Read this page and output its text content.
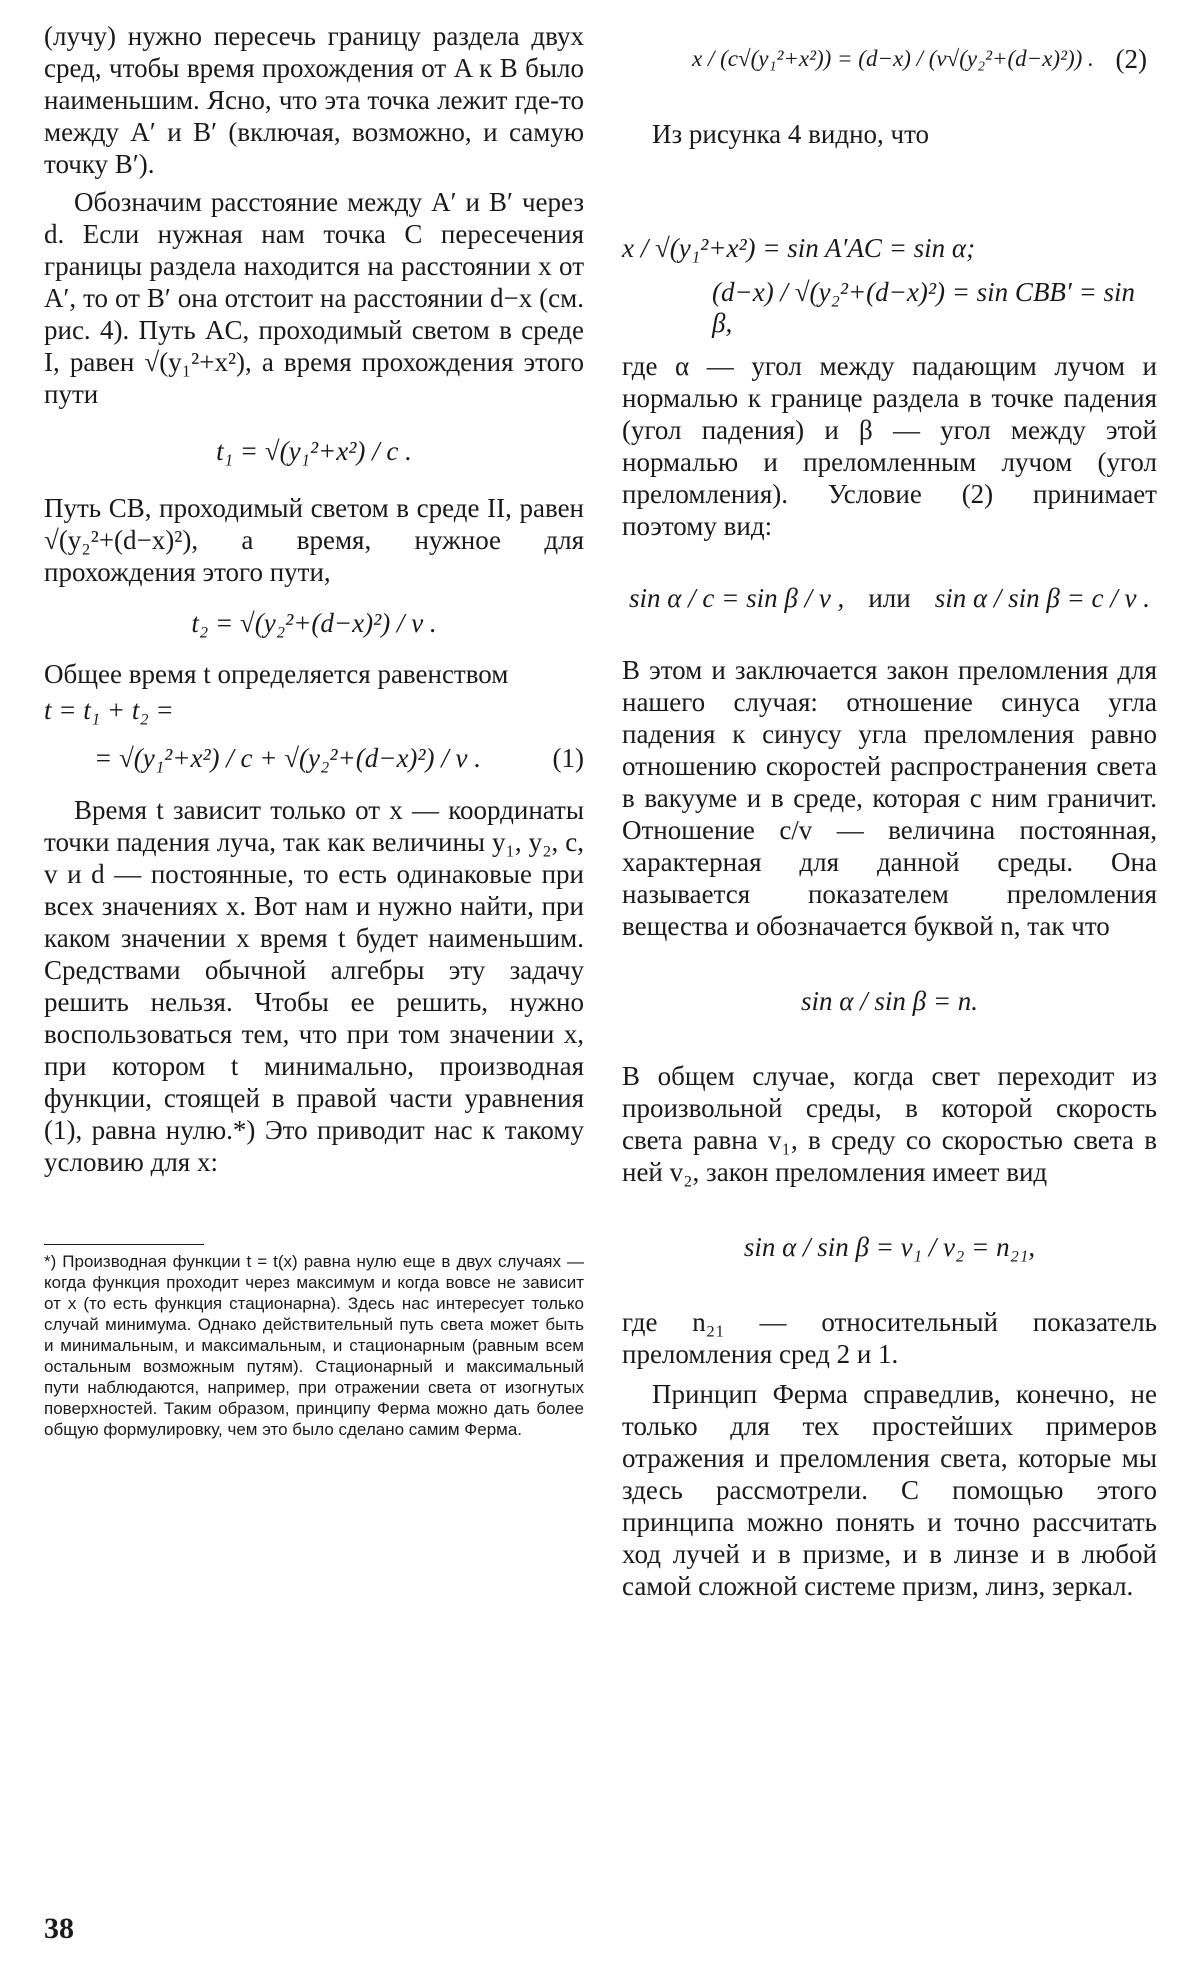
(лучу) нужно пересечь границу раздела двух сред, чтобы время прохождения от A к B было наименьшим. Ясно, что эта точка лежит где-то между A′ и B′ (включая, возможно, и самую точку B′).

Обозначим расстояние между A′ и B′ через d. Если нужная нам точка C пересечения границы раздела находится на расстоянии x от A′, то от B′ она отстоит на расстоянии d−x (см. рис. 4). Путь AC, проходимый светом в среде I, равен √(y₁²+x²), а время прохождения этого пути

t₁ = √(y₁²+x²) / c .

Путь CB, проходимый светом в среде II, равен √(y₂²+(d−x)²), а время, нужное для прохождения этого пути,

t₂ = √(y₂²+(d−x)²) / v .

Общее время t определяется равенством

t = t₁ + t₂ =
= √(y₁²+x²) / c + √(y₂²+(d−x)²) / v .	(1)

Время t зависит только от x — координаты точки падения луча, так как величины y₁, y₂, c, v и d — постоянные, то есть одинаковые при всех значениях x. Вот нам и нужно найти, при каком значении x время t будет наименьшим. Средствами обычной алгебры эту задачу решить нельзя. Чтобы ее решить, нужно воспользоваться тем, что при том значении x, при котором t минимально, производная функции, стоящей в правой части уравнения (1), равна нулю.*) Это приводит нас к такому условию для x:

*) Производная функции t = t(x) равна нулю еще в двух случаях — когда функция проходит через максимум и когда вовсе не зависит от x (то есть функция стационарна). Здесь нас интересует только случай минимума. Однако действительный путь света может быть и минимальным, и максимальным, и стационарным (равным всем остальным возможным путям). Стационарный и максимальный пути наблюдаются, например, при отражении света от изогнутых поверхностей. Таким образом, принципу Ферма можно дать более общую формулировку, чем это было сделано самим Ферма.

x / (c√(y₁²+x²)) = (d−x) / (v√(y₂²+(d−x)²)) . (2)

Из рисунка 4 видно, что

x / √(y₁²+x²) = sin A′AC = sin α;
(d−x) / √(y₂²+(d−x)²) = sin CBB′ = sin β,

где α — угол между падающим лучом и нормалью к границе раздела в точке падения (угол падения) и β — угол между этой нормалью и преломленным лучом (угол преломления). Условие (2) принимает поэтому вид:

sin α / c = sin β / v , или sin α / sin β = c / v .

В этом и заключается закон преломления для нашего случая: отношение синуса угла падения к синусу угла преломления равно отношению скоростей распространения света в вакууме и в среде, которая с ним граничит. Отношение c/v — величина постоянная, характерная для данной среды. Она называется показателем преломления вещества и обозначается буквой n, так что

sin α / sin β = n.

В общем случае, когда свет переходит из произвольной среды, в которой скорость света равна v₁, в среду со скоростью света в ней v₂, закон преломления имеет вид

sin α / sin β = v₁ / v₂ = n₂₁,

где n₂₁ — относительный показатель преломления сред 2 и 1.

Принцип Ферма справедлив, конечно, не только для тех простейших примеров отражения и преломления света, которые мы здесь рассмотрели. С помощью этого принципа можно понять и точно рассчитать ход лучей и в призме, и в линзе и в любой самой сложной системе призм, линз, зеркал.

38
